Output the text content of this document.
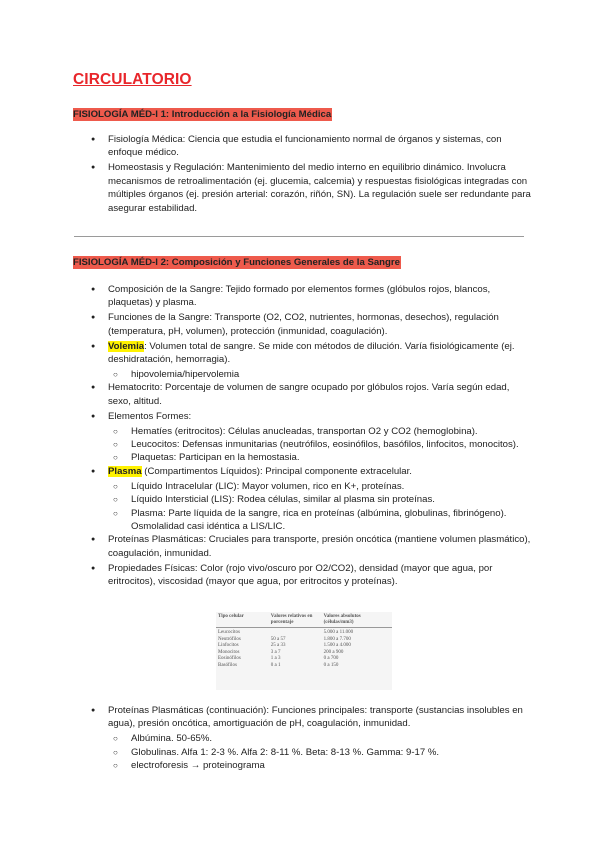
CIRCULATORIO
FISIOLOGÍA MÉD-I 1: Introducción a la Fisiología Médica
● Fisiología Médica: Ciencia que estudia el funcionamiento normal de órganos y sistemas, con enfoque médico.
● Homeostasis y Regulación: Mantenimiento del medio interno en equilibrio dinámico. Involucra mecanismos de retroalimentación (ej. glucemia, calcemia) y respuestas fisiológicas integradas con múltiples órganos (ej. presión arterial: corazón, riñón, SN). La regulación suele ser redundante para asegurar estabilidad.
FISIOLOGÍA MÉD-I 2: Composición y Funciones Generales de la Sangre
● Composición de la Sangre: Tejido formado por elementos formes (glóbulos rojos, blancos, plaquetas) y plasma.
● Funciones de la Sangre: Transporte (O2, CO2, nutrientes, hormonas, desechos), regulación (temperatura, pH, volumen), protección (inmunidad, coagulación).
● Volemia: Volumen total de sangre. Se mide con métodos de dilución. Varía fisiológicamente (ej. deshidratación, hemorragia).
○ hipovolemia/hipervolemia
● Hematocrito: Porcentaje de volumen de sangre ocupado por glóbulos rojos. Varía según edad, sexo, altitud.
● Elementos Formes:
○ Hematíes (eritrocitos): Células anucleadas, transportan O2 y CO2 (hemoglobina).
○ Leucocitos: Defensas inmunitarias (neutrófilos, eosinófilos, basófilos, linfocitos, monocitos).
○ Plaquetas: Participan en la hemostasia.
● Plasma (Compartimentos Líquidos): Principal componente extracelular.
○ Líquido Intracelular (LIC): Mayor volumen, rico en K+, proteínas.
○ Líquido Intersticial (LIS): Rodea células, similar al plasma sin proteínas.
○ Plasma: Parte líquida de la sangre, rica en proteínas (albúmina, globulinas, fibrinógeno). Osmolalidad casi idéntica a LIS/LIC.
● Proteínas Plasmáticas: Cruciales para transporte, presión oncótica (mantiene volumen plasmático), coagulación, inmunidad.
● Propiedades Físicas: Color (rojo vivo/oscuro por O2/CO2), densidad (mayor que agua, por eritrocitos), viscosidad (mayor que agua, por eritrocitos y proteínas).
Tipo celular	Valores relativos en porcentaje	Valores absolutos (células/mm3)
Leucocitos		5.000 a 11.000
Neutrófilos	50 a 57	1.800 a 7.700
Linfocitos	25 a 33	1.500 a 4.000
Monocitos	3 a 7	200 a 900
Eosinófilos	1 a 3	0 a 700
Basófilos	0 a 1	0 a 150
● Proteínas Plasmáticas (continuación): Funciones principales: transporte (sustancias insolubles en agua), presión oncótica, amortiguación de pH, coagulación, inmunidad.
○ Albúmina. 50-65%.
○ Globulinas. Alfa 1: 2-3 %. Alfa 2: 8-11 %. Beta: 8-13 %. Gamma: 9-17 %.
○ electroforesis → proteinograma
